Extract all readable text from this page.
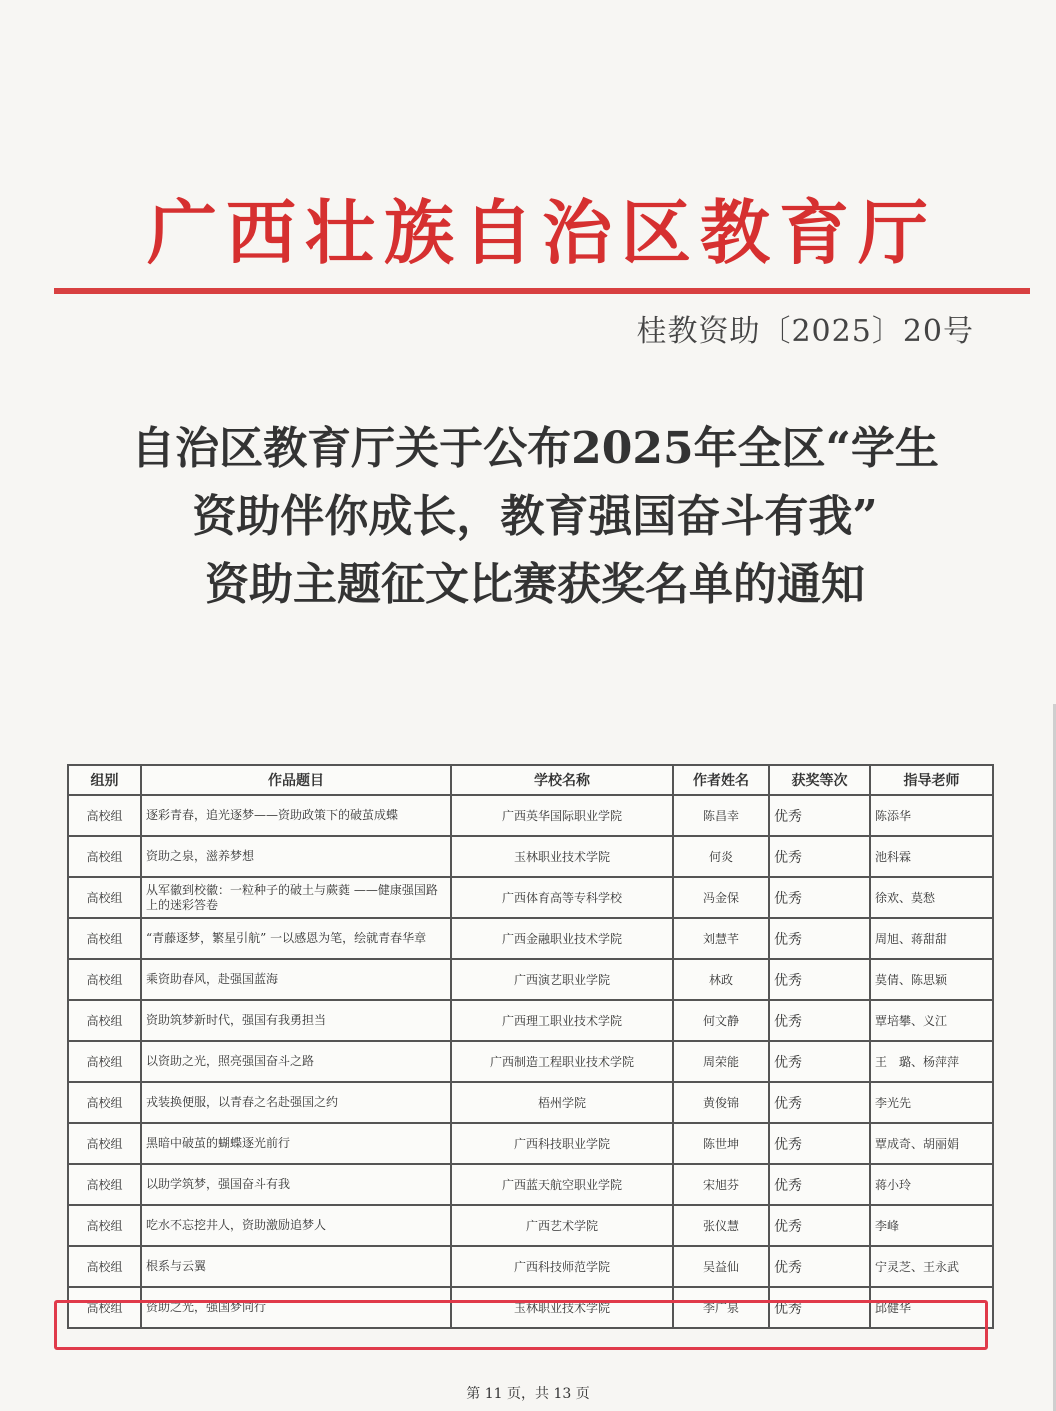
广西壮族自治区教育厅
桂教资助〔2025〕20号
自治区教育厅关于公布2025年全区“学生
资助伴你成长，教育强国奋斗有我”
资助主题征文比赛获奖名单的通知
组别	作品题目	学校名称	作者姓名	获奖等次	指导老师
高校组	逐彩青春，追光逐梦——资助政策下的破茧成蝶	广西英华国际职业学院	陈昌幸	优秀	陈添华
高校组	资助之泉，滋养梦想	玉林职业技术学院	何炎	优秀	池科霖
高校组	从军徽到校徽：一粒种子的破土与蕨蕤 ——健康强国路上的迷彩答卷	广西体育高等专科学校	冯金保	优秀	徐欢、莫愁
高校组	“青藤逐梦，繁星引航” 一以感恩为笔，绘就青春华章	广西金融职业技术学院	刘慧芊	优秀	周旭、蒋甜甜
高校组	乘资助春风，赴强国蓝海	广西演艺职业学院	林政	优秀	莫倩、陈思颖
高校组	资助筑梦新时代，强国有我勇担当	广西理工职业技术学院	何文静	优秀	覃培攀、义江
高校组	以资助之光，照亮强国奋斗之路	广西制造工程职业技术学院	周荣能	优秀	王　璐、杨萍萍
高校组	戎装换便服，以青春之名赴强国之约	梧州学院	黄俊锦	优秀	李光先
高校组	黑暗中破茧的蝴蝶逐光前行	广西科技职业学院	陈世坤	优秀	覃成奇、胡丽娟
高校组	以助学筑梦，强国奋斗有我	广西蓝天航空职业学院	宋旭芬	优秀	蒋小玲
高校组	吃水不忘挖井人，资助激励追梦人	广西艺术学院	张仪慧	优秀	李峰
高校组	根系与云翼	广西科技师范学院	吴益仙	优秀	宁灵芝、王永武
高校组	资助之光，强国梦同行	玉林职业技术学院	李广泉	优秀	邱健华
第 11 页，共 13 页
